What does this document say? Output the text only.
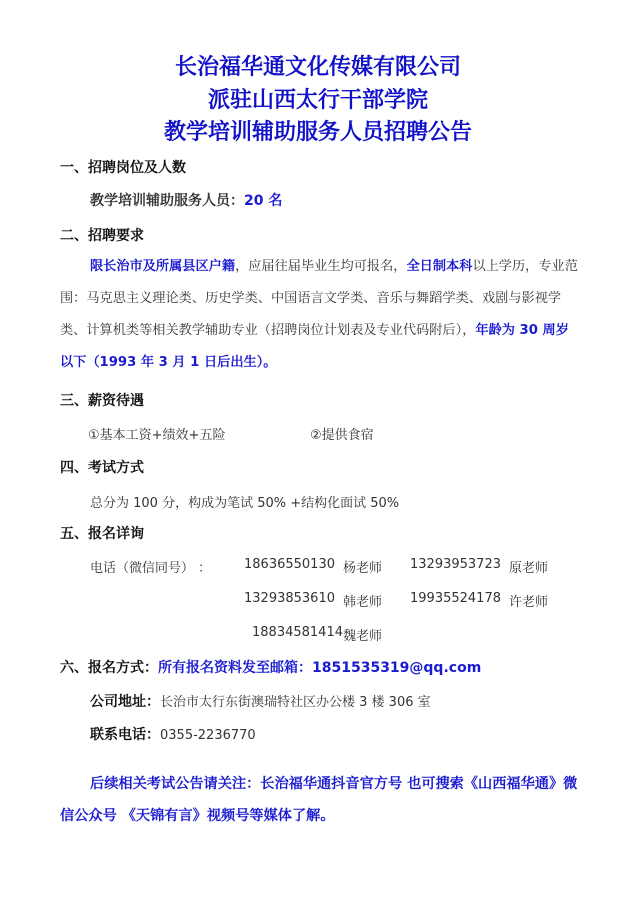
长治福华通文化传媒有限公司
派驻山西太行干部学院
教学培训辅助服务人员招聘公告
一、招聘岗位及人数
教学培训辅助服务人员：20 名
二、招聘要求
限长治市及所属县区户籍，应届往届毕业生均可报名，全日制本科以上学历，专业范围：马克思主义理论类、历史学类、中国语言文学类、音乐与舞蹈学类、戏剧与影视学类、计算机类等相关教学辅助专业（招聘岗位计划表及专业代码附后），年龄为 30 周岁以下（1993 年 3 月 1 日后出生）。
三、薪资待遇
①基本工资+绩效+五险	②提供食宿
四、考试方式
总分为 100 分，构成为笔试 50% +结构化面试 50%
五、报名详询
电话（微信同号） ：	18636550130 杨老师 13293953723 原老师
13293853610 韩老师 19935524178 许老师
18834581414 魏老师
六、报名方式：所有报名资料发至邮箱：1851535319@qq.com
公司地址：长治市太行东街澳瑞特社区办公楼 3 楼 306 室
联系电话：0355-2236770
后续相关考试公告请关注：长治福华通抖音官方号 也可搜索《山西福华通》微信公众号 《天锦有言》视频号等媒体了解。
